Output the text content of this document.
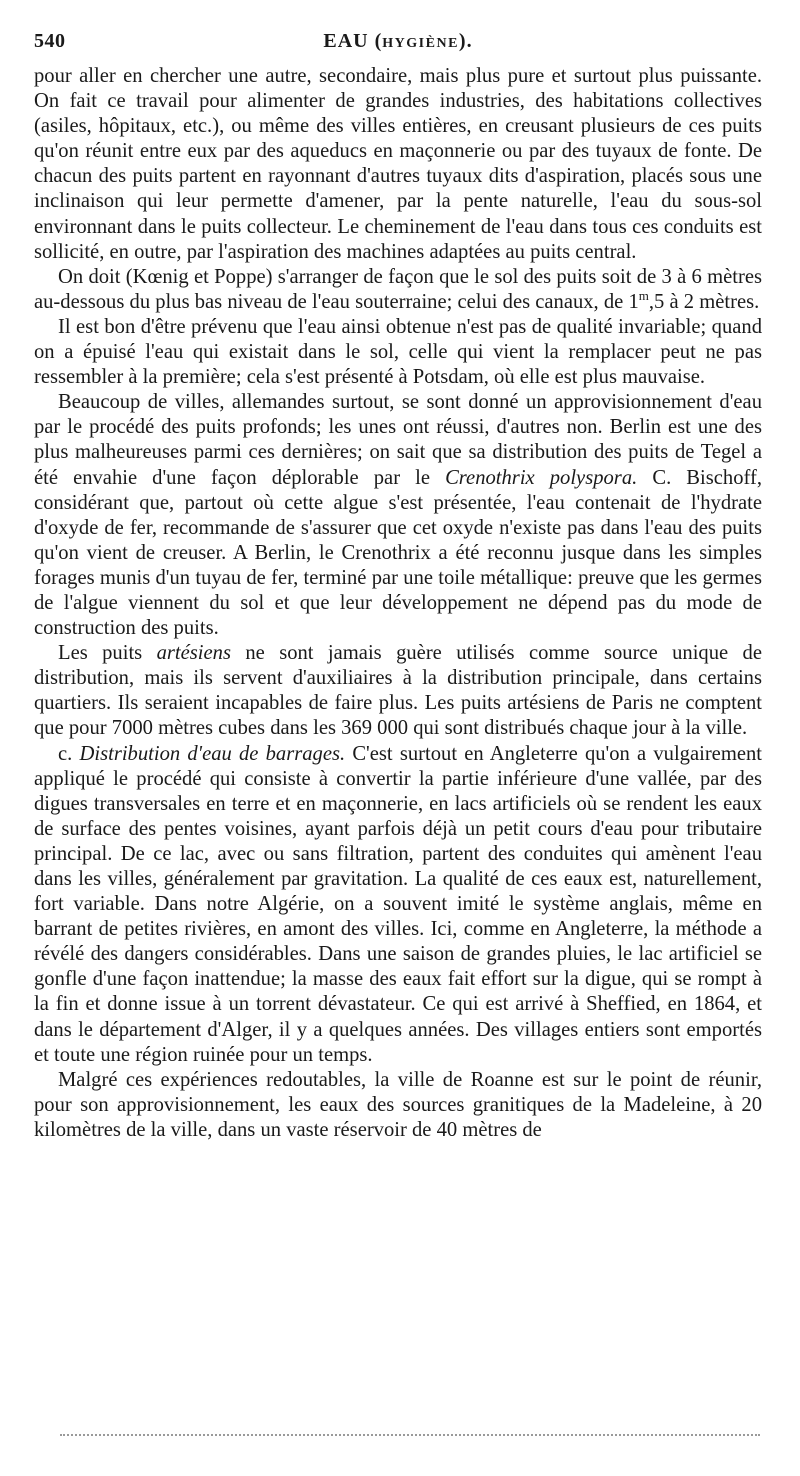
540	EAU (HYGIÈNE).

pour aller en chercher une autre, secondaire, mais plus pure et surtout plus puissante. On fait ce travail pour alimenter de grandes industries, des habitations collectives (asiles, hôpitaux, etc.), ou même des villes entières, en creusant plusieurs de ces puits qu'on réunit entre eux par des aqueducs en maçonnerie ou par des tuyaux de fonte. De chacun des puits partent en rayonnant d'autres tuyaux dits d'aspiration, placés sous une inclinaison qui leur permette d'amener, par la pente naturelle, l'eau du sous-sol environnant dans le puits collecteur. Le cheminement de l'eau dans tous ces conduits est sollicité, en outre, par l'aspiration des machines adaptées au puits central.

On doit (Kœnig et Poppe) s'arranger de façon que le sol des puits soit de 3 à 6 mètres au-dessous du plus bas niveau de l'eau souterraine; celui des canaux, de 1$^m$,5 à 2 mètres.

Il est bon d'être prévenu que l'eau ainsi obtenue n'est pas de qualité invariable; quand on a épuisé l'eau qui existait dans le sol, celle qui vient la remplacer peut ne pas ressembler à la première; cela s'est présenté à Potsdam, où elle est plus mauvaise.

Beaucoup de villes, allemandes surtout, se sont donné un approvisionnement d'eau par le procédé des puits profonds; les unes ont réussi, d'autres non. Berlin est une des plus malheureuses parmi ces dernières; on sait que sa distribution des puits de Tegel a été envahie d'une façon déplorable par le Crenothrix polyspora. C. Bischoff, considérant que, partout où cette algue s'est présentée, l'eau contenait de l'hydrate d'oxyde de fer, recommande de s'assurer que cet oxyde n'existe pas dans l'eau des puits qu'on vient de creuser. A Berlin, le Crenothrix a été reconnu jusque dans les simples forages munis d'un tuyau de fer, terminé par une toile métallique: preuve que les germes de l'algue viennent du sol et que leur développement ne dépend pas du mode de construction des puits.

Les puits artésiens ne sont jamais guère utilisés comme source unique de distribution, mais ils servent d'auxiliaires à la distribution principale, dans certains quartiers. Ils seraient incapables de faire plus. Les puits artésiens de Paris ne comptent que pour 7000 mètres cubes dans les 369 000 qui sont distribués chaque jour à la ville.

c. Distribution d'eau de barrages. C'est surtout en Angleterre qu'on a vulgairement appliqué le procédé qui consiste à convertir la partie inférieure d'une vallée, par des digues transversales en terre et en maçonnerie, en lacs artificiels où se rendent les eaux de surface des pentes voisines, ayant parfois déjà un petit cours d'eau pour tributaire principal. De ce lac, avec ou sans filtration, partent des conduites qui amènent l'eau dans les villes, généralement par gravitation. La qualité de ces eaux est, naturellement, fort variable. Dans notre Algérie, on a souvent imité le système anglais, même en barrant de petites rivières, en amont des villes. Ici, comme en Angleterre, la méthode a révélé des dangers considérables. Dans une saison de grandes pluies, le lac artificiel se gonfle d'une façon inattendue; la masse des eaux fait effort sur la digue, qui se rompt à la fin et donne issue à un torrent dévastateur. Ce qui est arrivé à Sheffied, en 1864, et dans le département d'Alger, il y a quelques années. Des villages entiers sont emportés et toute une région ruinée pour un temps.

Malgré ces expériences redoutables, la ville de Roanne est sur le point de réunir, pour son approvisionnement, les eaux des sources granitiques de la Madeleine, à 20 kilomètres de la ville, dans un vaste réservoir de 40 mètres de
